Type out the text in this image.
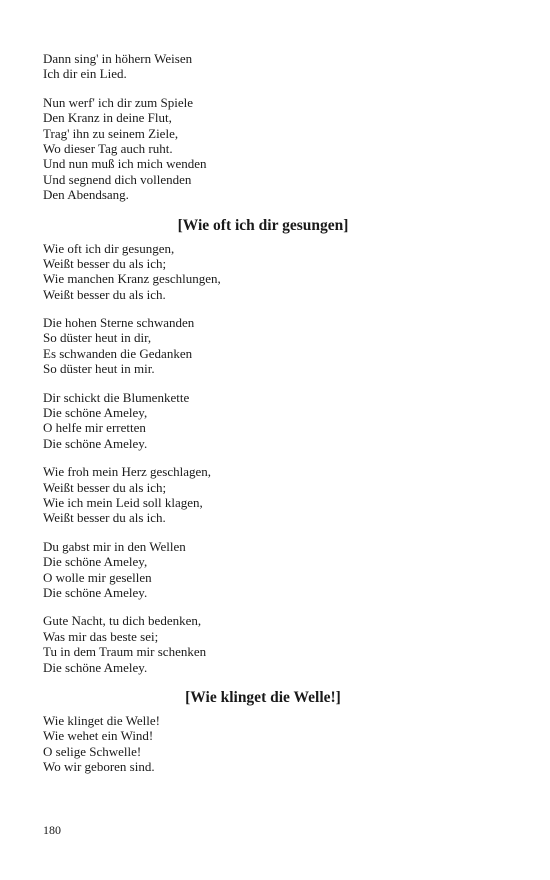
Dann sing' in höhern Weisen
Ich dir ein Lied.
Nun werf' ich dir zum Spiele
Den Kranz in deine Flut,
Trag' ihn zu seinem Ziele,
Wo dieser Tag auch ruht.
Und nun muß ich mich wenden
Und segnend dich vollenden
Den Abendsang.
[Wie oft ich dir gesungen]
Wie oft ich dir gesungen,
Weißt besser du als ich;
Wie manchen Kranz geschlungen,
Weißt besser du als ich.
Die hohen Sterne schwanden
So düster heut in dir,
Es schwanden die Gedanken
So düster heut in mir.
Dir schickt die Blumenkette
Die schöne Ameley,
O helfe mir erretten
Die schöne Ameley.
Wie froh mein Herz geschlagen,
Weißt besser du als ich;
Wie ich mein Leid soll klagen,
Weißt besser du als ich.
Du gabst mir in den Wellen
Die schöne Ameley,
O wolle mir gesellen
Die schöne Ameley.
Gute Nacht, tu dich bedenken,
Was mir das beste sei;
Tu in dem Traum mir schenken
Die schöne Ameley.
[Wie klinget die Welle!]
Wie klinget die Welle!
Wie wehet ein Wind!
O selige Schwelle!
Wo wir geboren sind.
180
